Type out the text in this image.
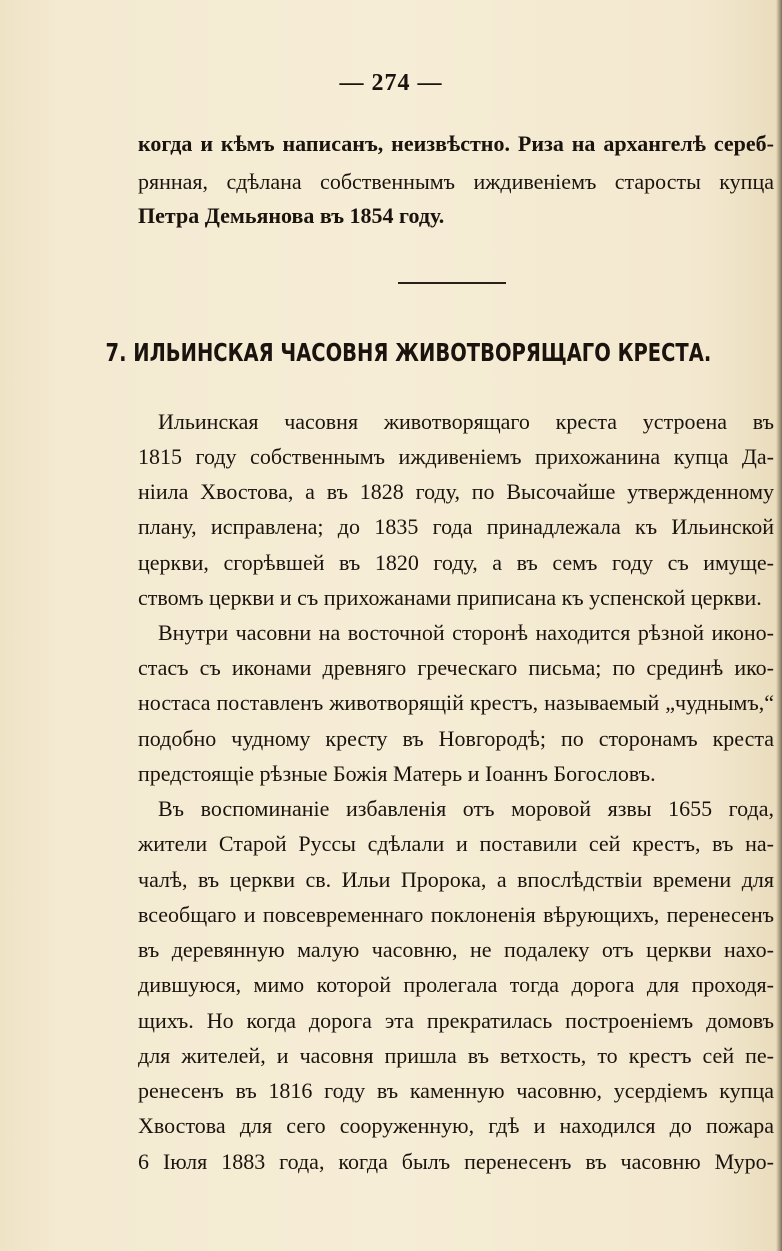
— 274 —
когда и кѣмъ написанъ, неизвѣстно. Риза на архангелѣ сереб-
рянная, сдѣлана собственнымъ иждивеніемъ старосты купца
Петра Демьянова въ 1854 году.
7. ИЛЬИНСКАЯ ЧАСОВНЯ ЖИВОТВОРЯЩАГО КРЕСТА.
Ильинская часовня животворящаго креста устроена въ
1815 году собственнымъ иждивеніемъ прихожанина купца Да-
ніила Хвостова, а въ 1828 году, по Высочайше утвержденному
плану, исправлена; до 1835 года принадлежала къ Ильинской
церкви, сгорѣвшей въ 1820 году, а въ семъ году съ имуще-
ствомъ церкви и съ прихожанами приписана къ успенской церкви.
Внутри часовни на восточной сторонѣ находится рѣзной иконо-
стасъ съ иконами древняго греческаго письма; по срединѣ ико-
ностаса поставленъ животворящій крестъ, называемый „чуднымъ,“
подобно чудному кресту въ Новгородѣ; по сторонамъ креста
предстоящіе рѣзные Божія Матерь и Іоаннъ Богословъ.
Въ воспоминаніе избавленія отъ моровой язвы 1655 года,
жители Старой Руссы сдѣлали и поставили сей крестъ, въ на-
чалѣ, въ церкви св. Ильи Пророка, а впослѣдствіи времени для
всеобщаго и повсевременнаго поклоненія вѣрующихъ, перенесенъ
въ деревянную малую часовню, не подалеку отъ церкви нахо-
дившуюся, мимо которой пролегала тогда дорога для проходя-
щихъ. Но когда дорога эта прекратилась построеніемъ домовъ
для жителей, и часовня пришла въ ветхость, то крестъ сей пе-
ренесенъ въ 1816 году въ каменную часовню, усердіемъ купца
Хвостова для сего сооруженную, гдѣ и находился до пожара
6 Іюля 1883 года, когда былъ перенесенъ въ часовню Муро-
